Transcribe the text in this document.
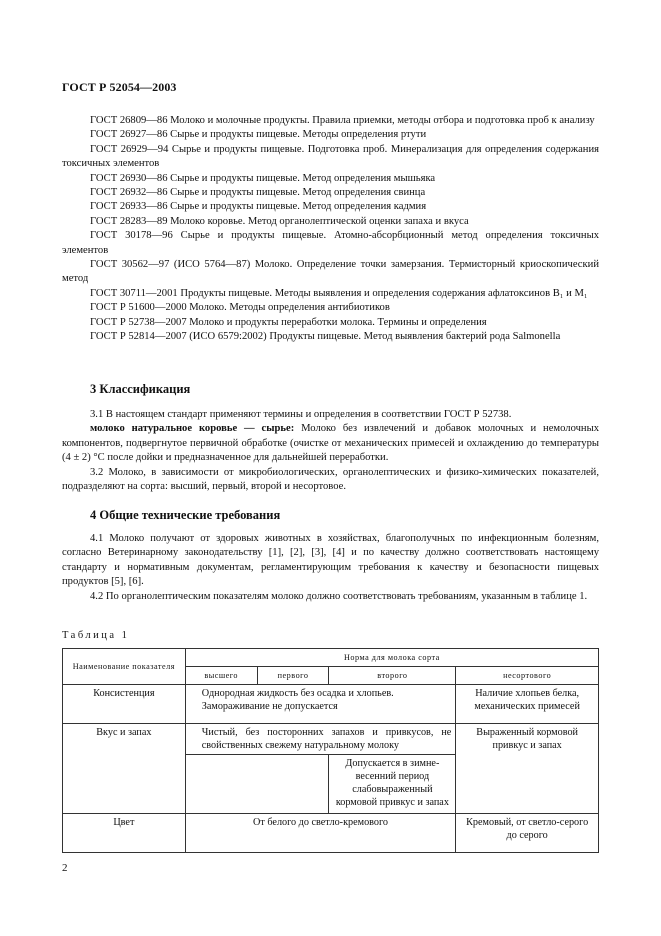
ГОСТ Р 52054—2003

ГОСТ 26809—86 Молоко и молочные продукты. Правила приемки, методы отбора и подготовка проб к анализу

ГОСТ 26927—86 Сырье и продукты пищевые. Методы определения ртути

ГОСТ 26929—94 Сырье и продукты пищевые. Подготовка проб. Минерализация для определения содержания токсичных элементов

ГОСТ 26930—86 Сырье и продукты пищевые. Метод определения мышьяка

ГОСТ 26932—86 Сырье и продукты пищевые. Метод определения свинца

ГОСТ 26933—86 Сырье и продукты пищевые. Метод определения кадмия

ГОСТ 28283—89 Молоко коровье. Метод органолептической оценки запаха и вкуса

ГОСТ 30178—96 Сырье и продукты пищевые. Атомно-абсорбционный метод определения токсичных элементов

ГОСТ 30562—97 (ИСО 5764—87) Молоко. Определение точки замерзания. Термисторный криоскопический метод

ГОСТ 30711—2001 Продукты пищевые. Методы выявления и определения содержания афлатоксинов B₁ и M₁

ГОСТ Р 51600—2000 Молоко. Методы определения антибиотиков

ГОСТ Р 52738—2007 Молоко и продукты переработки молока. Термины и определения

ГОСТ Р 52814—2007 (ИСО 6579:2002) Продукты пищевые. Метод выявления бактерий рода Salmonella

3 Классификация

3.1 В настоящем стандарт применяют термины и определения в соответствии ГОСТ Р 52738.

молоко натуральное коровье — сырье: Молоко без извлечений и добавок молочных и немолочных компонентов, подвергнутое первичной обработке (очистке от механических примесей и охлаждению до температуры (4 ± 2) °С после дойки и предназначенное для дальнейшей переработки.

3.2 Молоко, в зависимости от микробиологических, органолептических и физико-химических показателей, подразделяют на сорта: высший, первый, второй и несортовое.

4 Общие технические требования

4.1 Молоко получают от здоровых животных в хозяйствах, благополучных по инфекционным болезням, согласно Ветеринарному законодательству [1], [2], [3], [4] и по качеству должно соответствовать настоящему стандарту и нормативным документам, регламентирующим требования к качеству и безопасности пищевых продуктов [5], [6].

4.2 По органолептическим показателям молоко должно соответствовать требованиям, указанным в таблице 1.

Таблица 1
Наименование показателя	Норма для молока сорта			
	высшего	первого	второго	несортового
Консистенция	Однородная жидкость без осадка и хлопьев. Замораживание не допускается			Наличие хлопьев белка, механических примесей
Вкус и запах	Чистый, без посторонних запахов и привкусов, не свойственных свежему натуральному молоку			Выраженный кормовой привкус и запах
			Допускается в зимне-весенний период слабовыраженный кормовой привкус и запах	
Цвет	От белого до светло-кремового			Кремовый, от светло-серого до серого
2
